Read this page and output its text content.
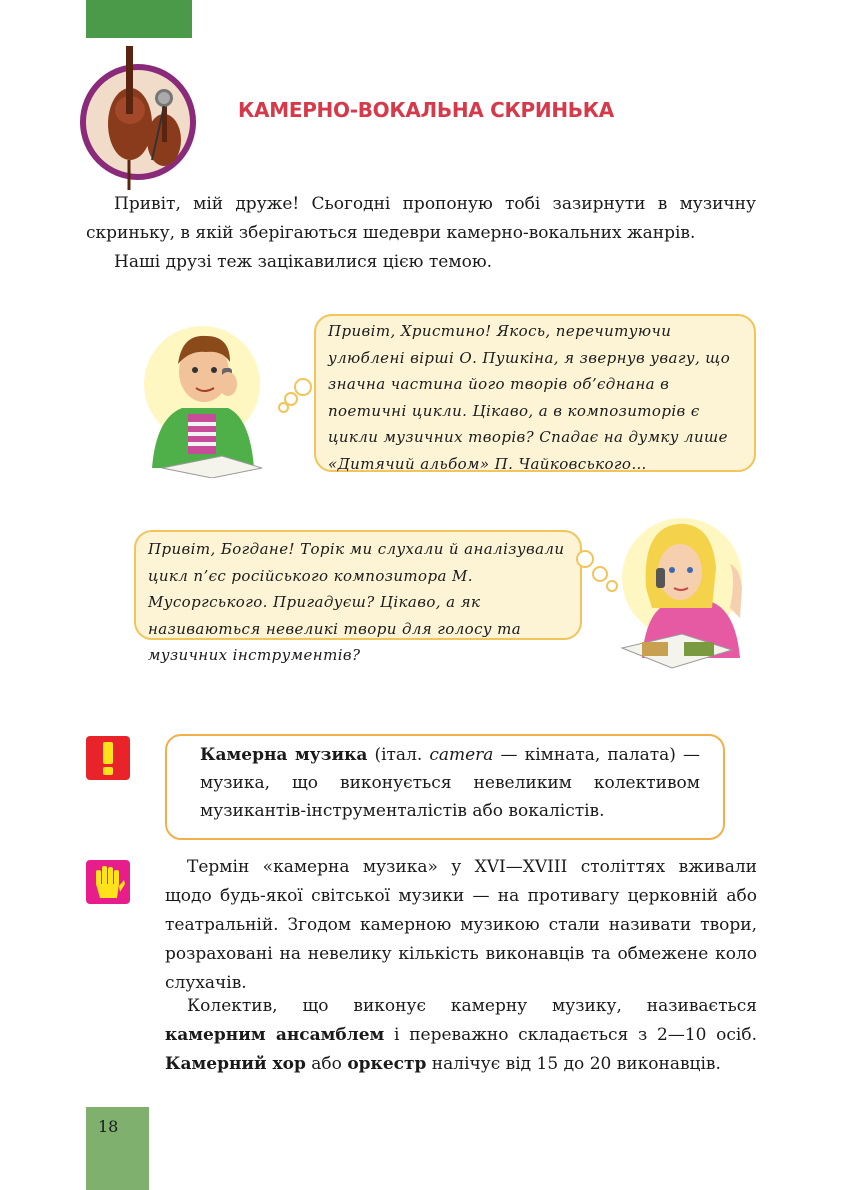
КАМЕРНО-ВОКАЛЬНА СКРИНЬКА
Привіт, мій друже! Сьогодні пропоную тобі зазирнути в музичну скриньку, в якій зберігаються шедеври камерно-вокальних жанрів.
Наші друзі теж зацікавилися цією темою.
Привіт, Христино! Якось, перечитуючи улюблені вірші О. Пушкіна, я звернув увагу, що значна частина його творів об’єднана в поетичні цикли. Цікаво, а в композиторів є цикли музичних творів? Спадає на думку лише «Дитячий альбом» П. Чайковського…
Привіт, Богдане! Торік ми слухали й аналізували цикл п’єс російського композитора М. Мусоргського. Пригадуєш? Цікаво, а як називаються невеликі твори для голосу та музичних інструментів?
Камерна музика (італ. camera — кімната, палата) — музика, що виконується невеликим колективом музикантів-інструменталістів або вокалістів.
Термін «камерна музика» у XVI—XVIII століттях вживали щодо будь-якої світської музики — на противагу церковній або театральній. Згодом камерною музикою стали називати твори, розраховані на невелику кількість виконавців та обмежене коло слухачів.
Колектив, що виконує камерну музику, називається камерним ансамблем і переважно складається з 2—10 осіб. Камерний хор або оркестр налічує від 15 до 20 виконавців.
18
